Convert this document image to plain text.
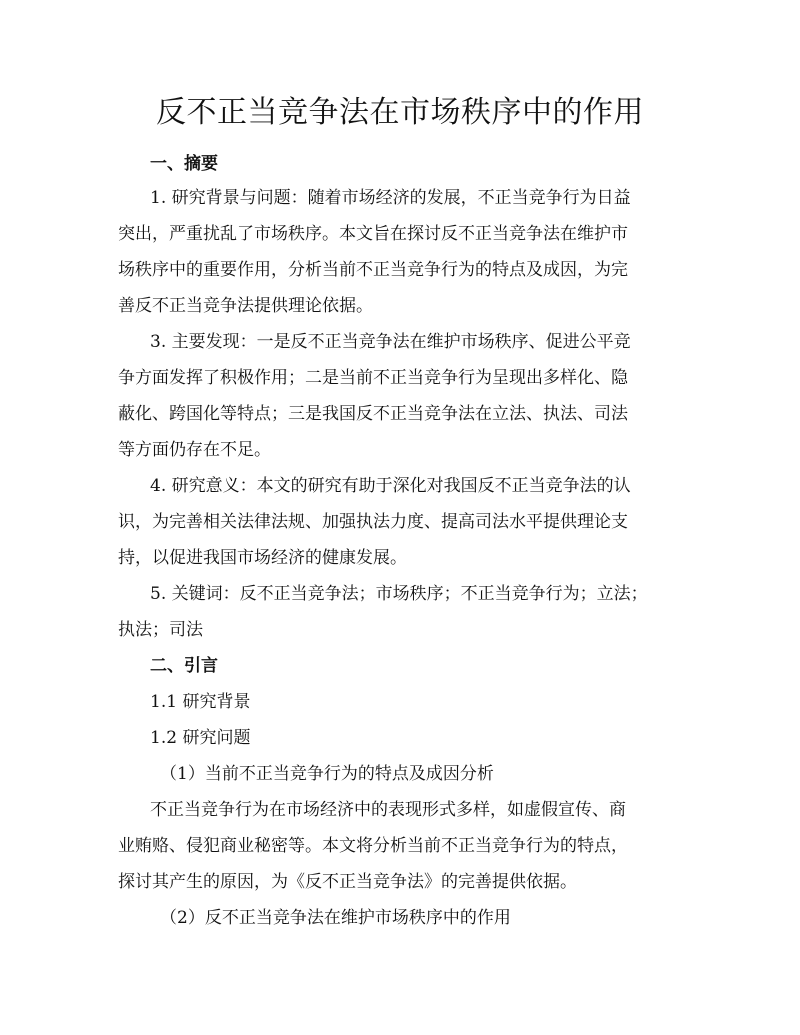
反不正当竞争法在市场秩序中的作用

一、摘要

1. 研究背景与问题：随着市场经济的发展，不正当竞争行为日益

突出，严重扰乱了市场秩序。本文旨在探讨反不正当竞争法在维护市

场秩序中的重要作用，分析当前不正当竞争行为的特点及成因，为完

善反不正当竞争法提供理论依据。

3. 主要发现：一是反不正当竞争法在维护市场秩序、促进公平竞

争方面发挥了积极作用；二是当前不正当竞争行为呈现出多样化、隐

蔽化、跨国化等特点；三是我国反不正当竞争法在立法、执法、司法

等方面仍存在不足。

4. 研究意义：本文的研究有助于深化对我国反不正当竞争法的认

识，为完善相关法律法规、加强执法力度、提高司法水平提供理论支

持，以促进我国市场经济的健康发展。

5. 关键词：反不正当竞争法；市场秩序；不正当竞争行为；立法；

执法；司法

二、引言

1.1 研究背景

1.2 研究问题

（1）当前不正当竞争行为的特点及成因分析

不正当竞争行为在市场经济中的表现形式多样，如虚假宣传、商

业贿赂、侵犯商业秘密等。本文将分析当前不正当竞争行为的特点，

探讨其产生的原因，为《反不正当竞争法》的完善提供依据。

（2）反不正当竞争法在维护市场秩序中的作用
